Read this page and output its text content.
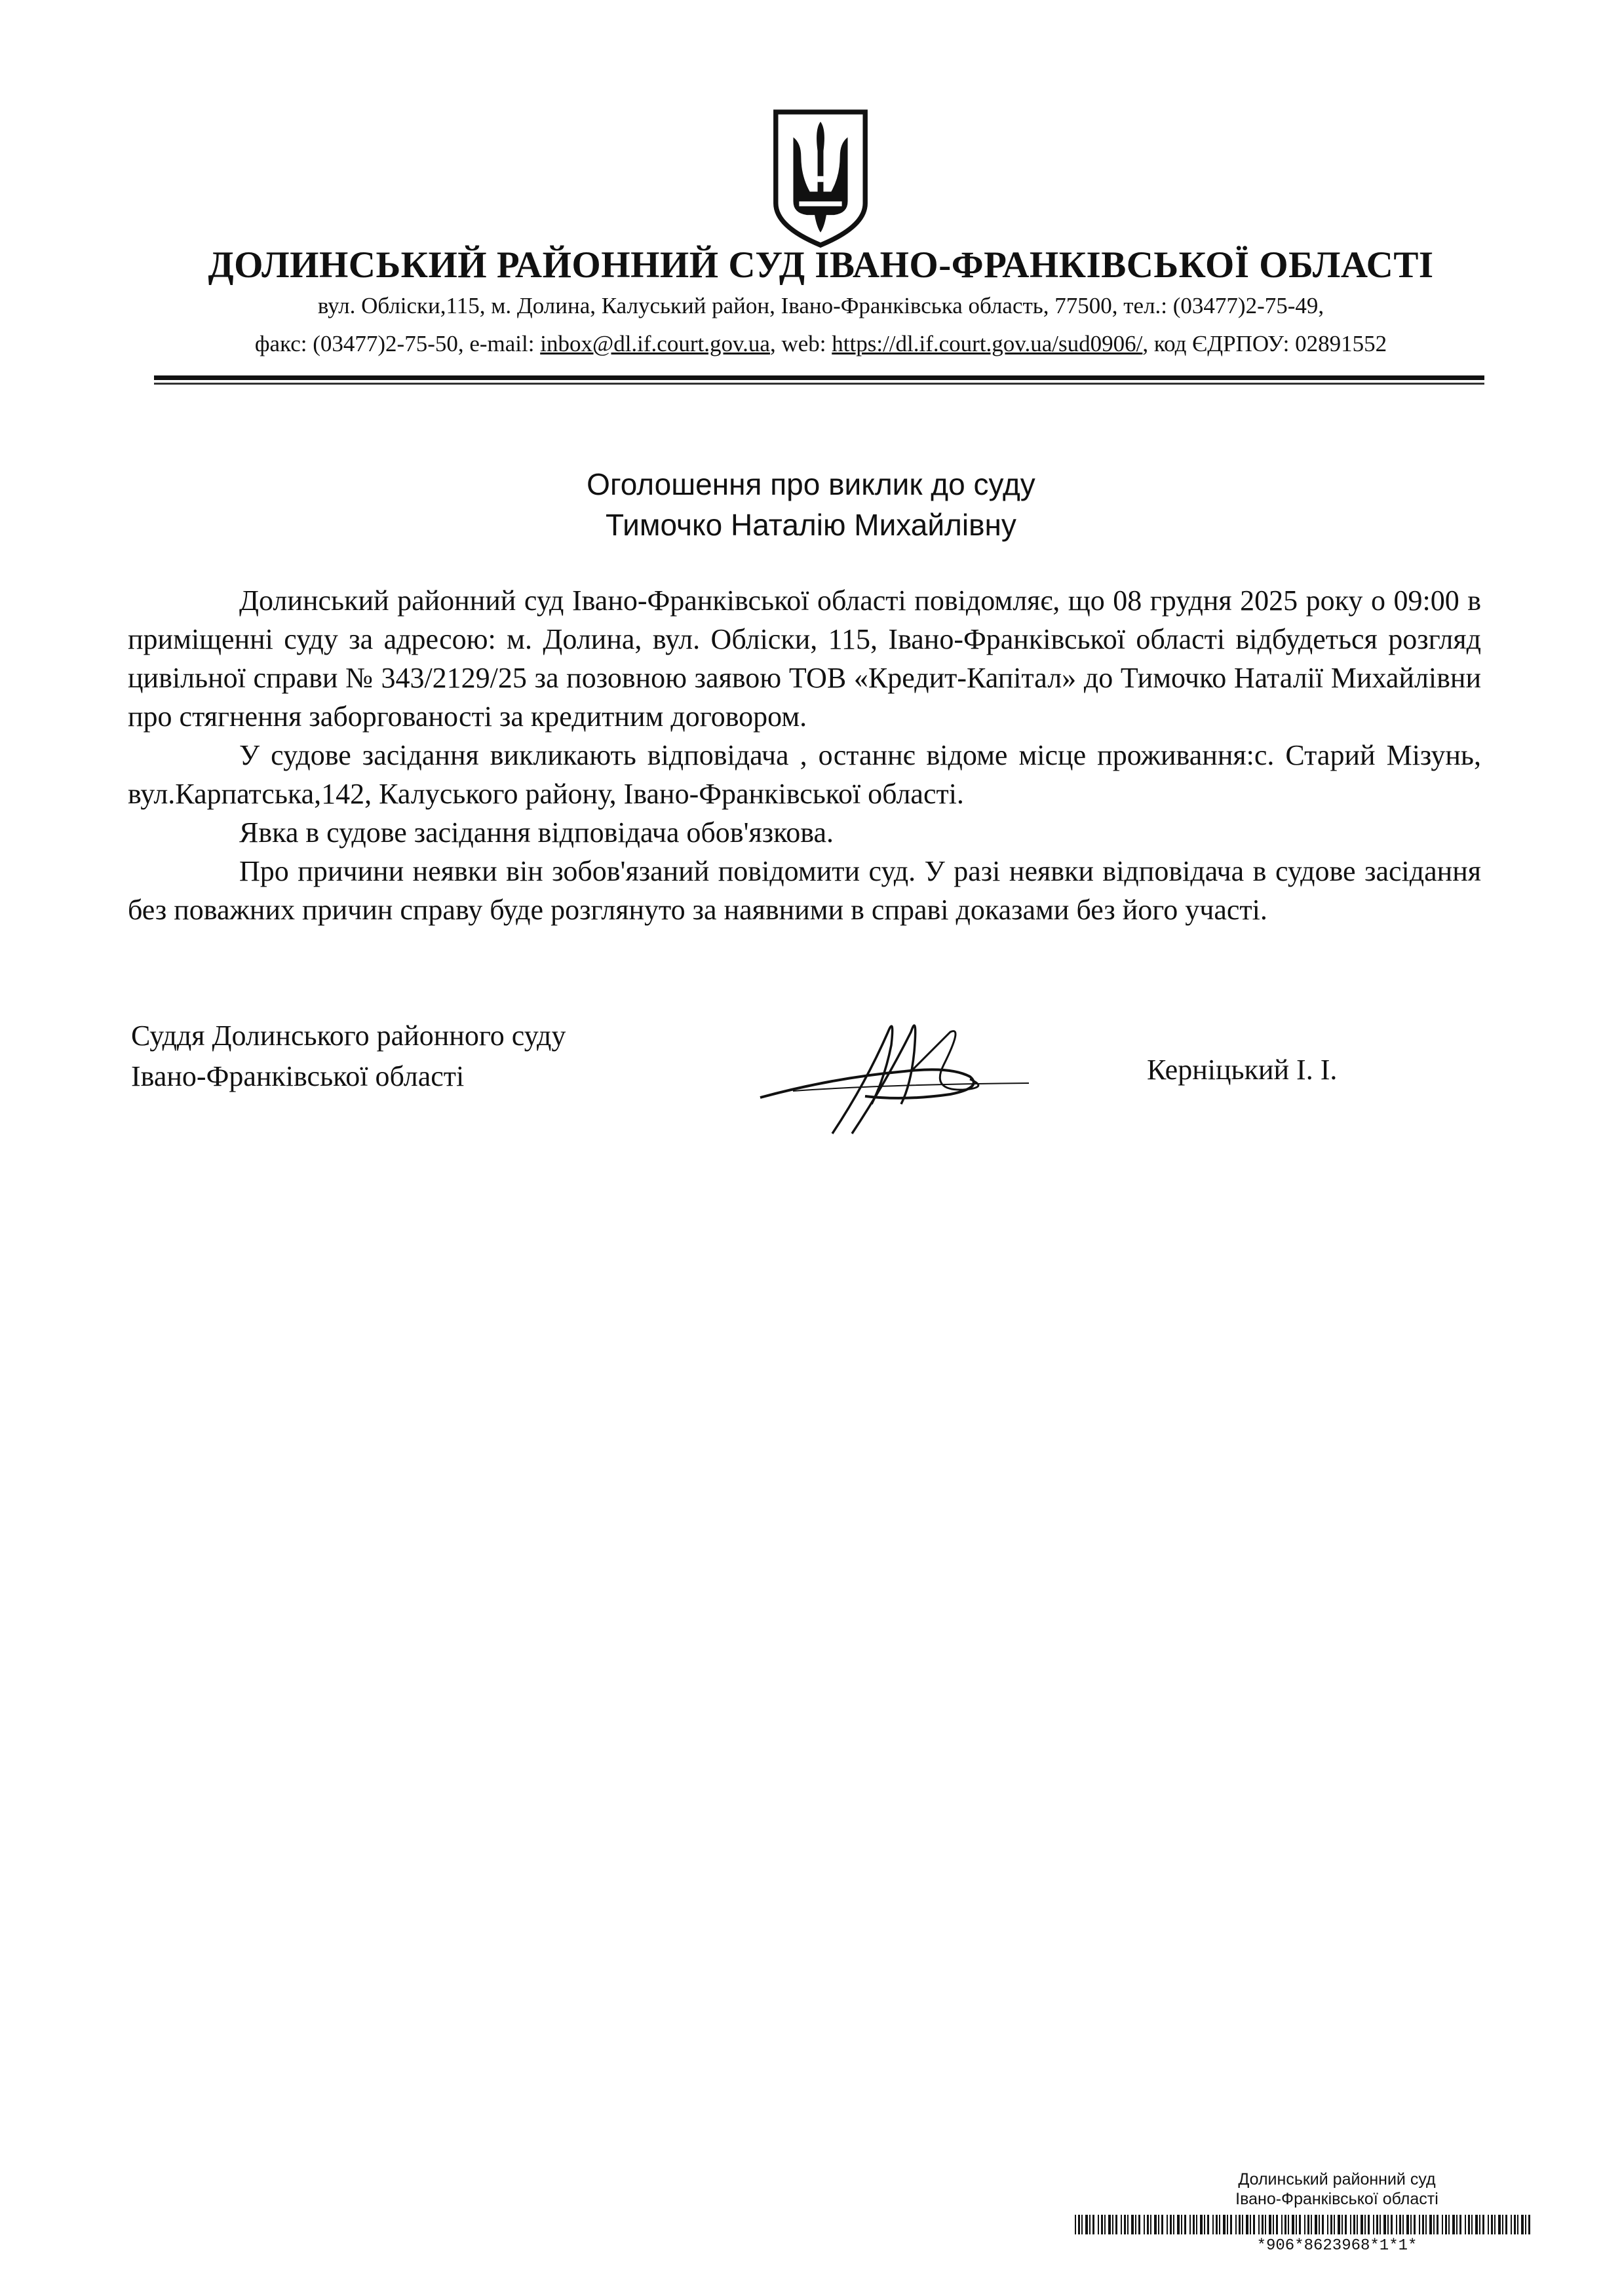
ДОЛИНСЬКИЙ РАЙОННИЙ СУД ІВАНО-ФРАНКІВСЬКОЇ ОБЛАСТІ
вул. Обліски,115, м. Долина, Калуський район, Івано-Франківська область, 77500, тел.: (03477)2-75-49,
факс: (03477)2-75-50, e-mail: inbox@dl.if.court.gov.ua, web: https://dl.if.court.gov.ua/sud0906/, код ЄДРПОУ: 02891552
Оголошення про виклик до суду
Тимочко Наталію Михайлівну

Долинський районний суд Івано-Франківської області повідомляє, що 08 грудня 2025 року о 09:00 в приміщенні суду за адресою: м. Долина, вул. Обліски, 115, Івано-Франківської області відбудеться розгляд цивільної справи № 343/2129/25 за позовною заявою ТОВ «Кредит-Капітал» до Тимочко Наталії Михайлівни про стягнення заборгованості за кредитним договором.

У судове засідання викликають відповідача , останнє відоме місце проживання:с. Старий Мізунь, вул.Карпатська,142, Калуського району, Івано-Франківської області.

Явка в судове засідання відповідача обов'язкова.

Про причини неявки він зобов'язаний повідомити суд. У разі неявки відповідача в судове засідання без поважних причин справу буде розглянуто за наявними в справі доказами без його участі.

Суддя Долинського районного суду
Івано-Франківської області	Керніцький І. І.
Долинський районний суд
Івано-Франківської області
*906*8623968*1*1*
